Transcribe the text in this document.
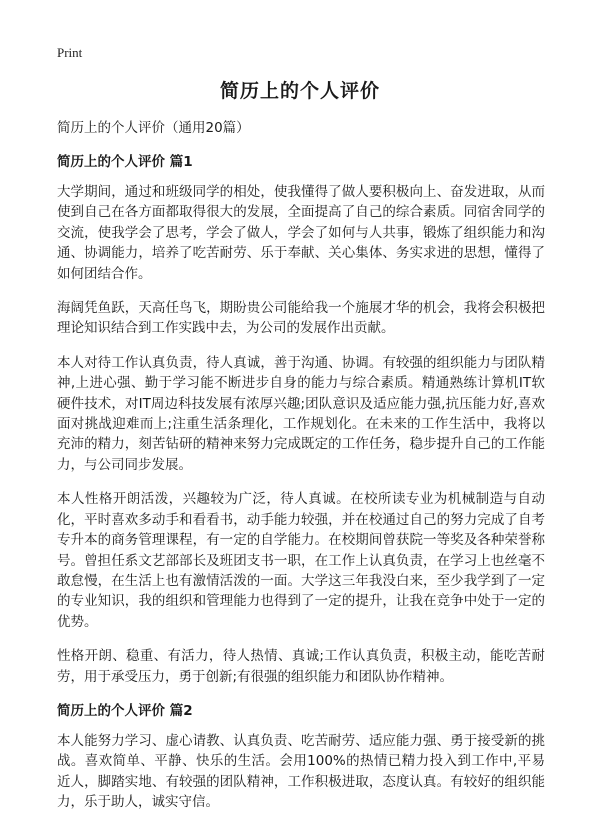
Print
简历上的个人评价
简历上的个人评价（通用20篇）
简历上的个人评价 篇1

大学期间，通过和班级同学的相处，使我懂得了做人要积极向上、奋发进取，从而使到自己在各方面都取得很大的发展，全面提高了自己的综合素质。同宿舍同学的交流，使我学会了思考，学会了做人，学会了如何与人共事，锻炼了组织能力和沟通、协调能力，培养了吃苦耐劳、乐于奉献、关心集体、务实求进的思想，懂得了如何团结合作。

海阔凭鱼跃，天高任鸟飞，期盼贵公司能给我一个施展才华的机会，我将会积极把理论知识结合到工作实践中去，为公司的发展作出贡献。

本人对待工作认真负责，待人真诚，善于沟通、协调。有较强的组织能力与团队精神,上进心强、勤于学习能不断进步自身的能力与综合素质。精通熟练计算机IT软硬件技术，对IT周边科技发展有浓厚兴趣;团队意识及适应能力强,抗压能力好,喜欢面对挑战迎难而上;注重生活条理化，工作规划化。在未来的工作生活中，我将以充沛的精力，刻苦钻研的精神来努力完成既定的工作任务，稳步提升自己的工作能力，与公司同步发展。

本人性格开朗活泼，兴趣较为广泛，待人真诚。在校所读专业为机械制造与自动化，平时喜欢多动手和看看书，动手能力较强，并在校通过自己的努力完成了自考专升本的商务管理课程，有一定的自学能力。在校期间曾获院一等奖及各种荣誉称号。曾担任系文艺部部长及班团支书一职，在工作上认真负责，在学习上也丝毫不敢怠慢，在生活上也有激情活泼的一面。大学这三年我没白来，至少我学到了一定的专业知识，我的组织和管理能力也得到了一定的提升，让我在竞争中处于一定的优势。

性格开朗、稳重、有活力，待人热情、真诚;工作认真负责，积极主动，能吃苦耐劳，用于承受压力，勇于创新;有很强的组织能力和团队协作精神。

简历上的个人评价 篇2

本人能努力学习、虚心请教、认真负责、吃苦耐劳、适应能力强、勇于接受新的挑战。喜欢简单、平静、快乐的生活。会用100%的热情已精力投入到工作中,平易近人，脚踏实地、有较强的团队精神，工作积极进取，态度认真。有较好的组织能力，乐于助人，诚实守信。
